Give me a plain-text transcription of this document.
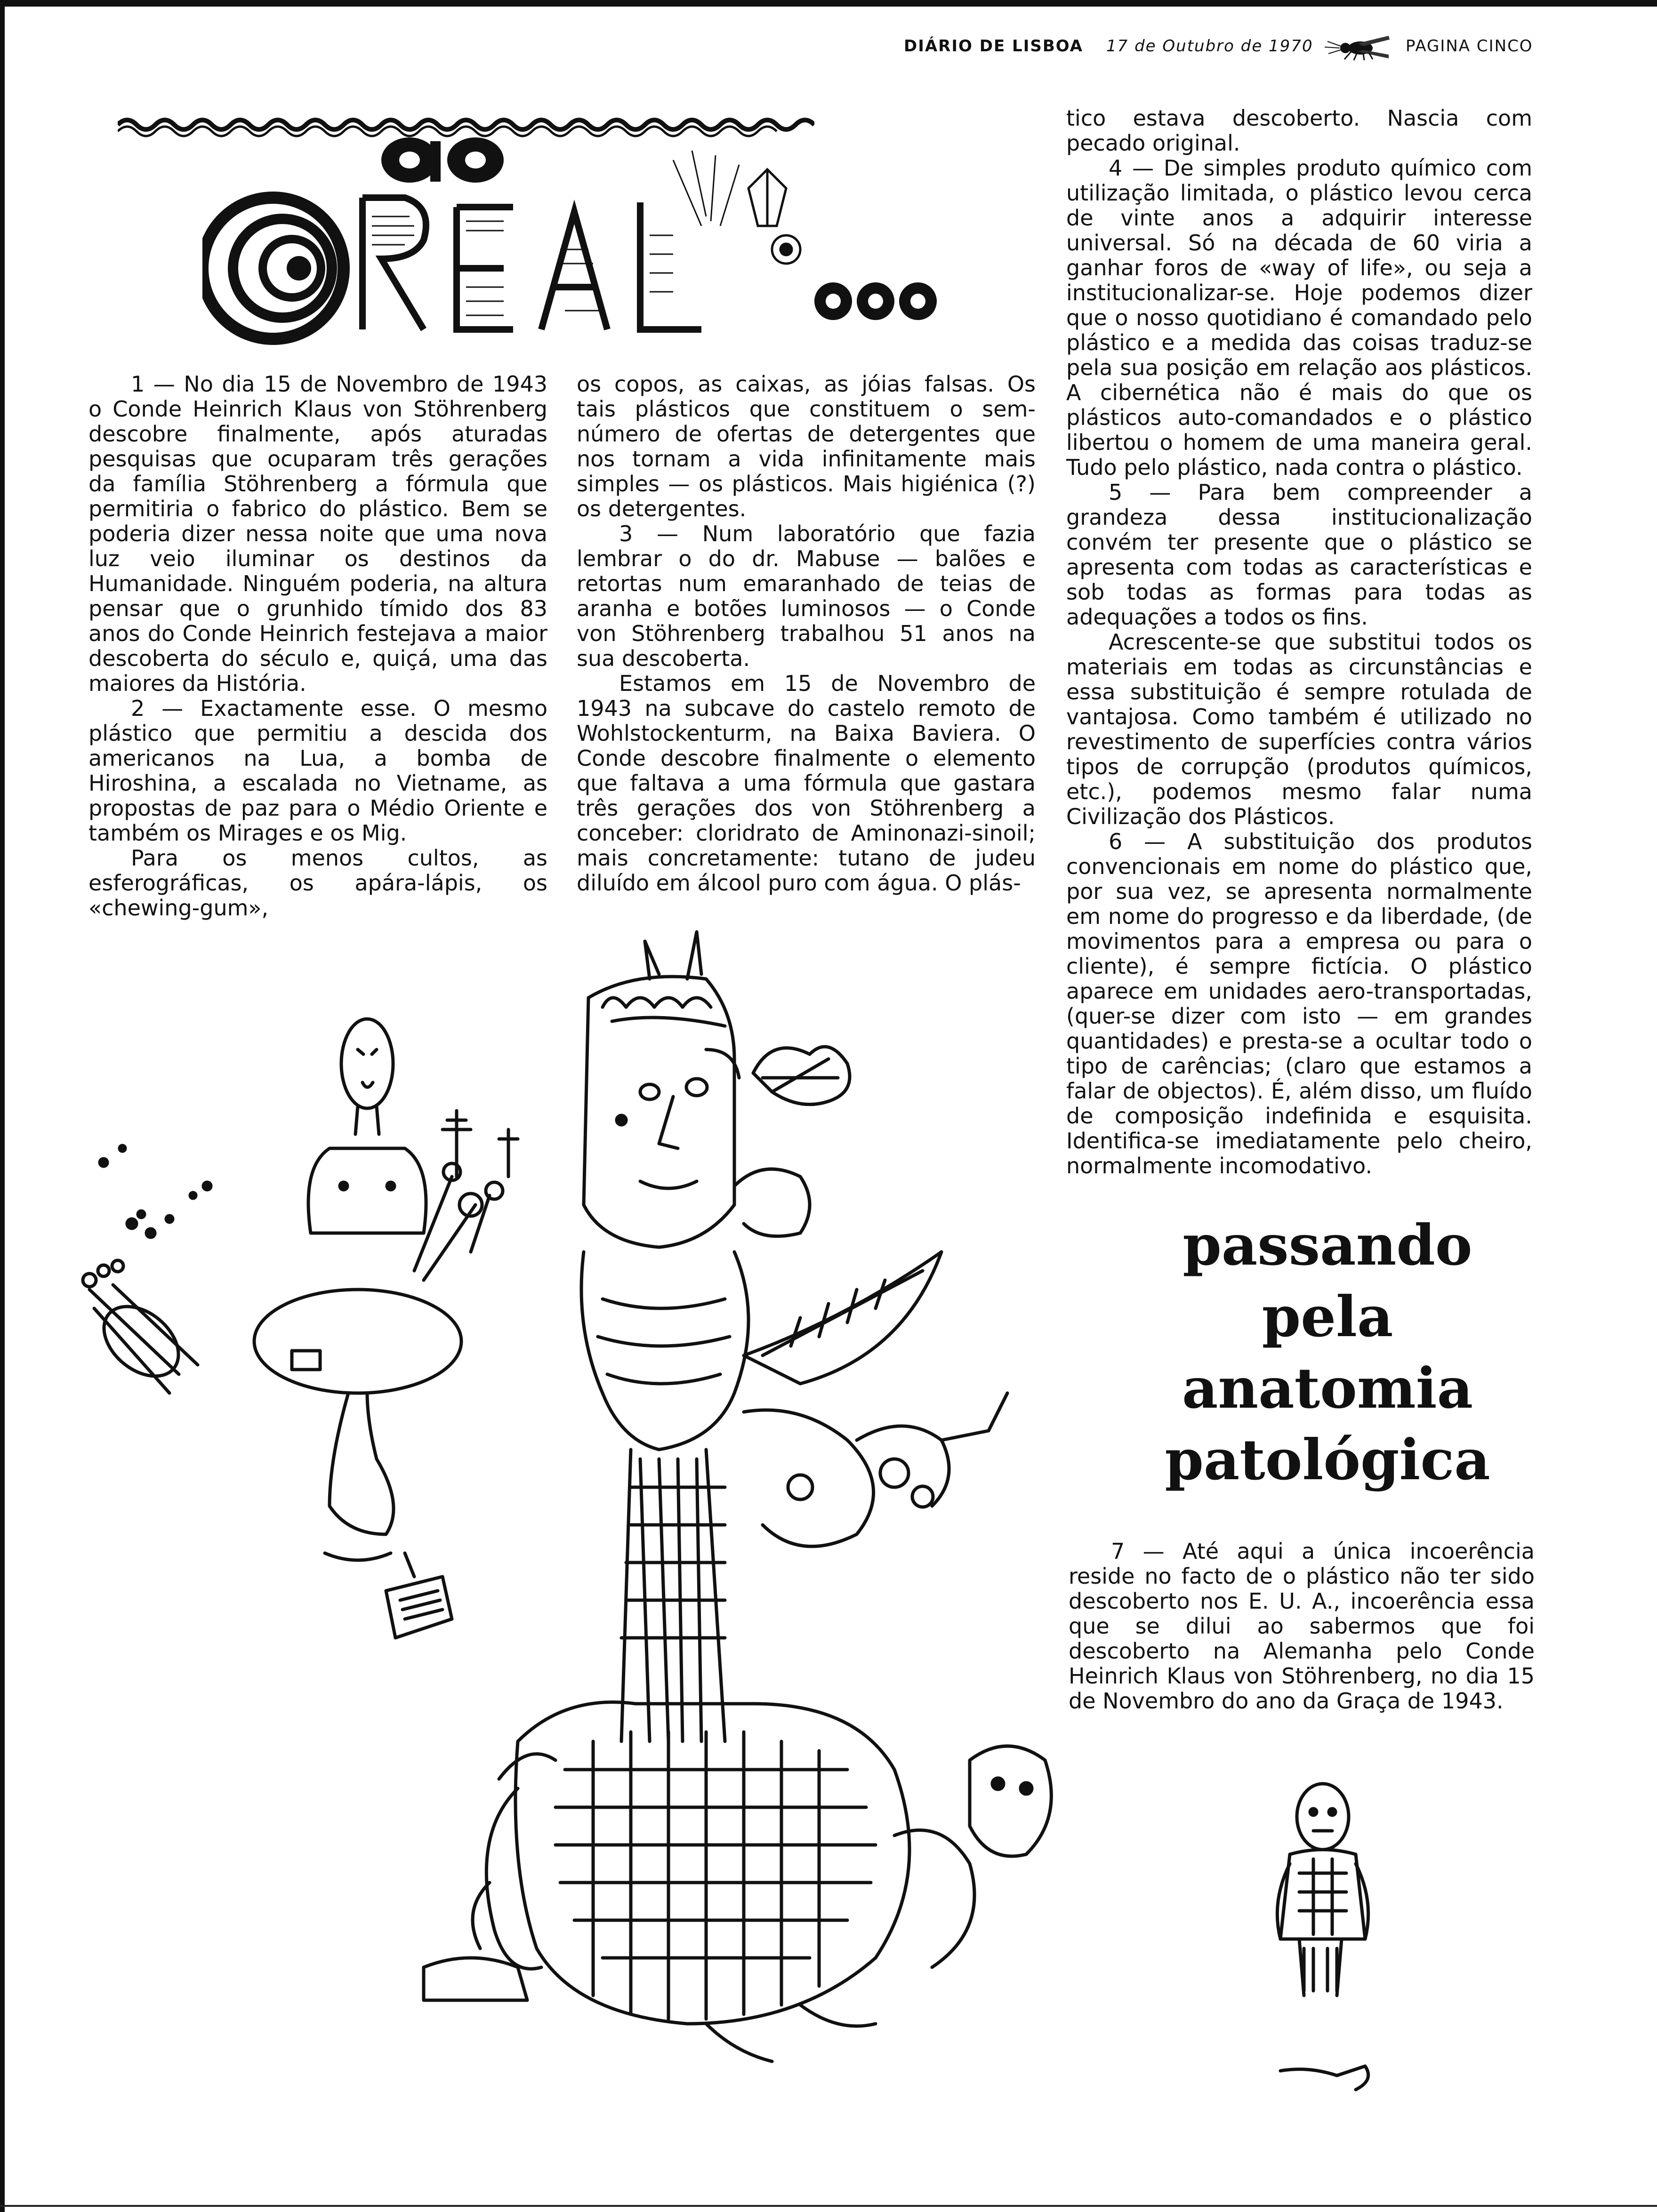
DIÁRIO DE LISBOA 17 de Outubro de 1970	PAGINA CINCO

1 — No dia 15 de Novembro de 1943 o Conde Heinrich Klaus von Stöhrenberg descobre finalmente, após aturadas pesquisas que ocuparam três gerações da família Stöhrenberg a fórmula que permitiria o fabrico do plástico. Bem se poderia dizer nessa noite que uma nova luz veio iluminar os destinos da Humanidade. Ninguém poderia, na altura pensar que o grunhido tímido dos 83 anos do Conde Heinrich festejava a maior descoberta do século e, quiçá, uma das maiores da História.

2 — Exactamente esse. O mesmo plástico que permitiu a descida dos americanos na Lua, a bomba de Hiroshina, a escalada no Vietname, as propostas de paz para o Médio Oriente e também os Mirages e os Mig.

Para os menos cultos, as esferográficas, os apára-lápis, os «chewing-gum»,

os copos, as caixas, as jóias falsas. Os tais plásticos que constituem o sem-número de ofertas de detergentes que nos tornam a vida infinitamente mais simples — os plásticos. Mais higiénica (?) os detergentes.

3 — Num laboratório que fazia lembrar o do dr. Mabuse — balões e retortas num emaranhado de teias de aranha e botões luminosos — o Conde von Stöhrenberg trabalhou 51 anos na sua descoberta.

Estamos em 15 de Novembro de 1943 na subcave do castelo remoto de Wohlstockenturm, na Baixa Baviera. O Conde descobre finalmente o elemento que faltava a uma fórmula que gastara três gerações dos von Stöhrenberg a conceber: cloridrato de Aminonazi-sinoil; mais concretamente: tutano de judeu diluído em álcool puro com água. O plás-

tico estava descoberto. Nascia com pecado original.

4 — De simples produto químico com utilização limitada, o plástico levou cerca de vinte anos a adquirir interesse universal. Só na década de 60 viria a ganhar foros de «way of life», ou seja a institucionalizar-se. Hoje podemos dizer que o nosso quotidiano é comandado pelo plástico e a medida das coisas traduz-se pela sua posição em relação aos plásticos. A cibernética não é mais do que os plásticos auto-comandados e o plástico libertou o homem de uma maneira geral. Tudo pelo plástico, nada contra o plástico.

5 — Para bem compreender a grandeza dessa institucionalização convém ter presente que o plástico se apresenta com todas as características e sob todas as formas para todas as adequações a todos os fins.

Acrescente-se que substitui todos os materiais em todas as circunstâncias e essa substituição é sempre rotulada de vantajosa. Como também é utilizado no revestimento de superfícies contra vários tipos de corrupção (produtos químicos, etc.), podemos mesmo falar numa Civilização dos Plásticos.

6 — A substituição dos produtos convencionais em nome do plástico que, por sua vez, se apresenta normalmente em nome do progresso e da liberdade, (de movimentos para a empresa ou para o cliente), é sempre fictícia. O plástico aparece em unidades aero-transportadas, (quer-se dizer com isto — em grandes quantidades) e presta-se a ocultar todo o tipo de carências; (claro que estamos a falar de objectos). É, além disso, um fluído de composição indefinida e esquisita. Identifica-se imediatamente pelo cheiro, normalmente incomodativo.

passando
pela
anatomia
patológica

7 — Até aqui a única incoerência reside no facto de o plástico não ter sido descoberto nos E. U. A., incoerência essa que se dilui ao sabermos que foi descoberto na Alemanha pelo Conde Heinrich Klaus von Stöhrenberg, no dia 15 de Novembro do ano da Graça de 1943.
